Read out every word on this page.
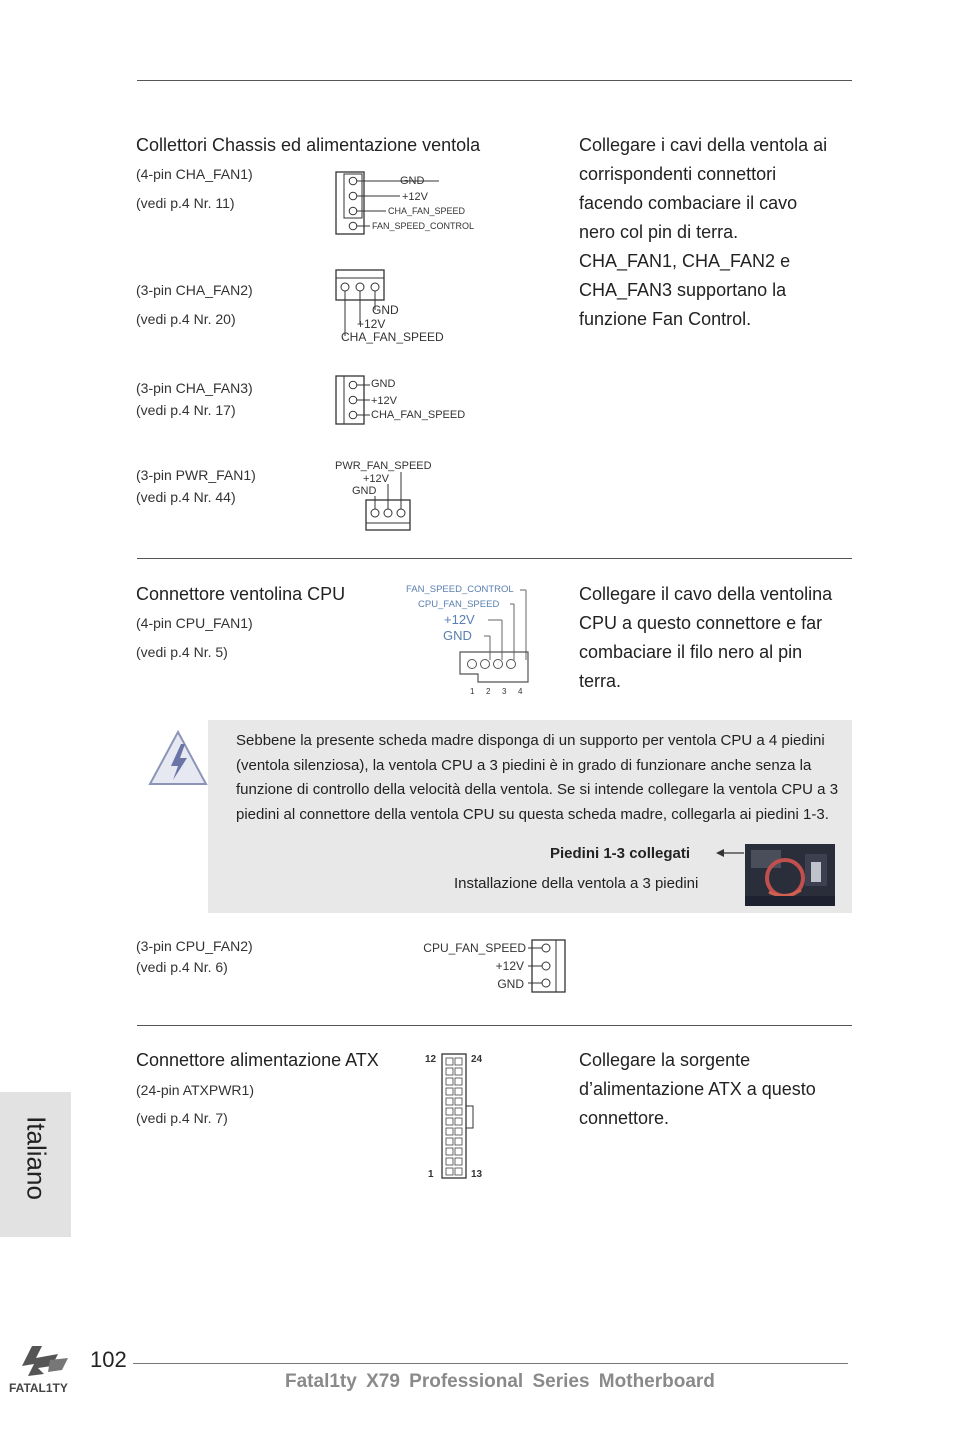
Collettori Chassis ed alimentazione ventola	Collegare i cavi della ventola ai
corrispondenti connettori
facendo combaciare il cavo
nero col pin di terra.
CHA_FAN1, CHA_FAN2 e
CHA_FAN3 supportano la
funzione Fan Control.
(4-pin CHA_FAN1)
(vedi p.4 Nr. 11)
GND
+12V
CHA_FAN_SPEED
FAN_SPEED_CONTROL
(3-pin CHA_FAN2)
(vedi p.4 Nr. 20)
GND
+12V
CHA_FAN_SPEED
(3-pin CHA_FAN3)
(vedi p.4 Nr. 17)
GND
+12V
CHA_FAN_SPEED
(3-pin PWR_FAN1)
(vedi p.4 Nr. 44)
PWR_FAN_SPEED
+12V
GND
Connettore ventolina CPU
(4-pin CPU_FAN1)
(vedi p.4 Nr. 5)
Collegare il cavo della ventolina
CPU a questo connettore e far
combaciare il filo nero al pin
terra.
FAN_SPEED_CONTROL
CPU_FAN_SPEED
+12V
GND
1 2 3 4
Sebbene la presente scheda madre disponga di un supporto per ventola CPU a 4 piedini (ventola silenziosa), la ventola CPU a 3 piedini è in grado di funzionare anche senza la funzione di controllo della velocità della ventola. Se si intende collegare la ventola CPU a 3 piedini al connettore della ventola CPU su questa scheda madre, collegarla ai piedini 1-3.
Piedini 1-3 collegati
Installazione della ventola a 3 piedini
(3-pin CPU_FAN2)
(vedi p.4 Nr. 6)
CPU_FAN_SPEED
+12V
GND
Connettore alimentazione ATX
(24-pin ATXPWR1)
(vedi p.4 Nr. 7)
Collegare la sorgente
d’alimentazione ATX a questo
connettore.
12	24
1	13
Italiano
FATAL1TY
102
Fatal1ty X79 Professional Series Motherboard
